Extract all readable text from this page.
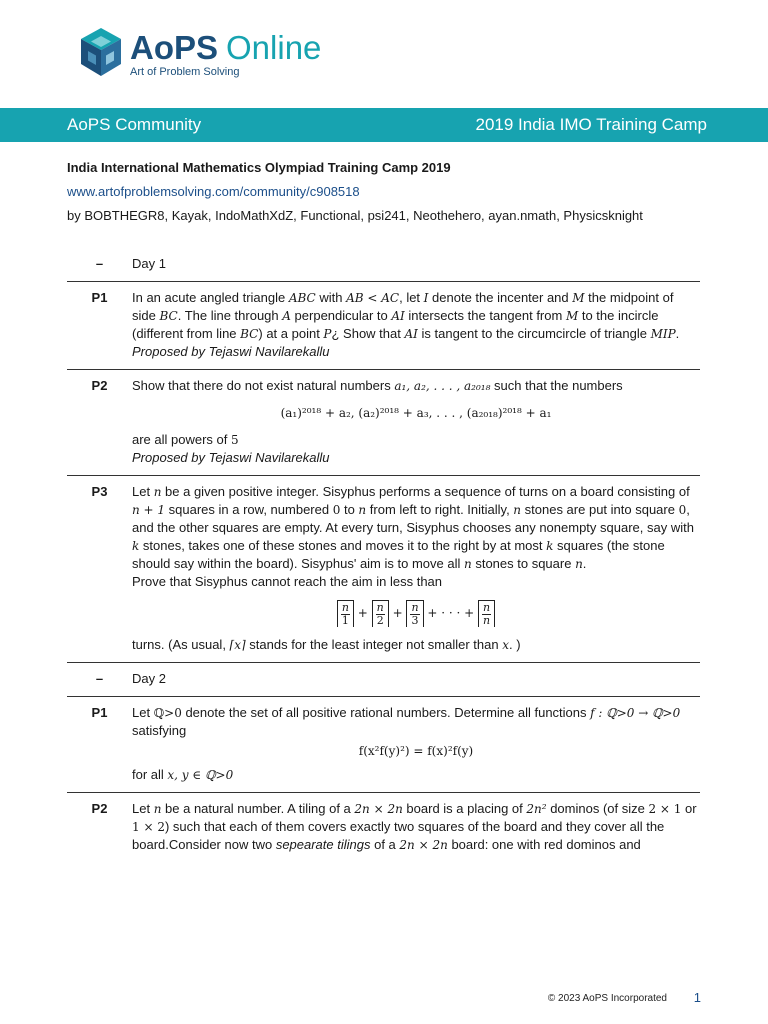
AoPS Online
Art of Problem Solving
AoPS Community	2019 India IMO Training Camp
India International Mathematics Olympiad Training Camp 2019
www.artofproblemsolving.com/community/c908518
by BOBTHEGR8, Kayak, IndoMathXdZ, Functional, psi241, Neothehero, ayan.nmath, Physicsknight
–	Day 1
P1	In an acute angled triangle ABC with AB < AC, let I denote the incenter and M the midpoint of side BC. The line through A perpendicular to AI intersects the tangent from M to the incircle (different from line BC) at a point P¿ Show that AI is tangent to the circumcircle of triangle MIP.

Proposed by Tejaswi Navilarekallu

P2	Show that there do not exist natural numbers a₁, a₂, . . . , a₂₀₁₈ such that the numbers

(a₁)²⁰¹⁸ + a₂, (a₂)²⁰¹⁸ + a₃, . . . , (a₂₀₁₈)²⁰¹⁸ + a₁

are all powers of 5

Proposed by Tejaswi Navilarekallu

P3	Let n be a given positive integer. Sisyphus performs a sequence of turns on a board consisting of n + 1 squares in a row, numbered 0 to n from left to right. Initially, n stones are put into square 0, and the other squares are empty. At every turn, Sisyphus chooses any nonempty square, say with k stones, takes one of these stones and moves it to the right by at most k squares (the stone should say within the board). Sisyphus' aim is to move all n stones to square n.

Prove that Sisyphus cannot reach the aim in less than

$\frac{n}{1} + \frac{n}{2} + \frac{n}{3}$ + · · · + $\frac{n}{n}$

turns. (As usual, ⌈x⌉ stands for the least integer not smaller than x. )

–	Day 2
P1	Let ℚ>0 denote the set of all positive rational numbers. Determine all functions f : ℚ>0 → ℚ>0 satisfying

f(x²f(y)²) = f(x)²f(y)

for all x, y ∈ ℚ>0

P2	Let n be a natural number. A tiling of a 2n × 2n board is a placing of 2n² dominos (of size 2 × 1 or 1 × 2) such that each of them covers exactly two squares of the board and they cover all the board.Consider now two sepearate tilings of a 2n × 2n board: one with red dominos and

© 2023 AoPS Incorporated 1
